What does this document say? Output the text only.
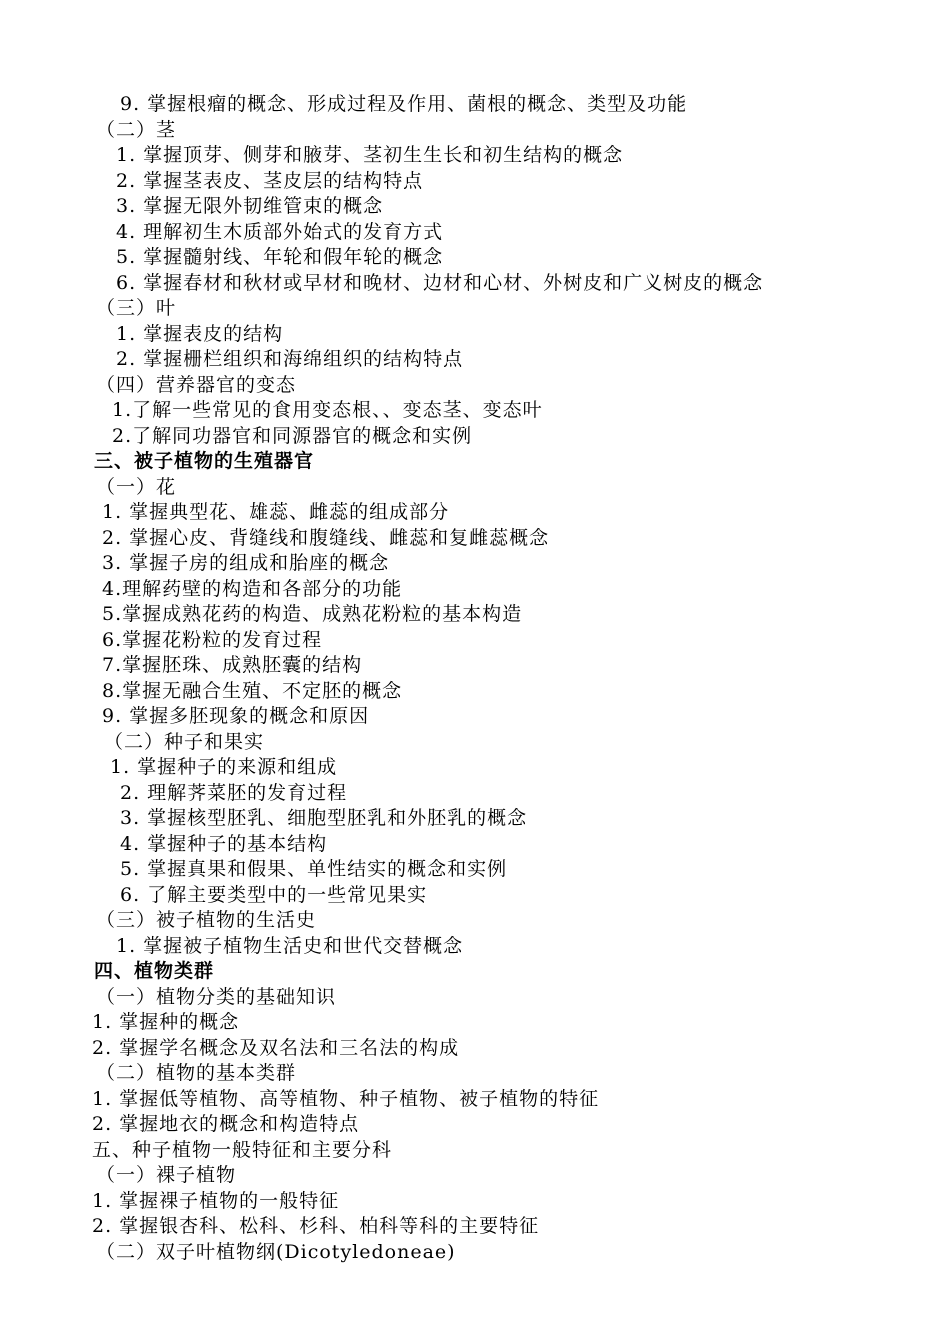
9. 掌握根瘤的概念、形成过程及作用、菌根的概念、类型及功能
（二）茎
1. 掌握顶芽、侧芽和腋芽、茎初生生长和初生结构的概念
2. 掌握茎表皮、茎皮层的结构特点
3. 掌握无限外韧维管束的概念
4. 理解初生木质部外始式的发育方式
5. 掌握髓射线、年轮和假年轮的概念
6. 掌握春材和秋材或早材和晚材、边材和心材、外树皮和广义树皮的概念
（三）叶
1. 掌握表皮的结构
2. 掌握栅栏组织和海绵组织的结构特点
（四）营养器官的变态
1.了解一些常见的食用变态根、、变态茎、变态叶
2.了解同功器官和同源器官的概念和实例
三、被子植物的生殖器官
（一）花
1. 掌握典型花、雄蕊、雌蕊的组成部分
2. 掌握心皮、背缝线和腹缝线、雌蕊和复雌蕊概念
3. 掌握子房的组成和胎座的概念
4.理解药壁的构造和各部分的功能
5.掌握成熟花药的构造、成熟花粉粒的基本构造
6.掌握花粉粒的发育过程
7.掌握胚珠、成熟胚囊的结构
8.掌握无融合生殖、不定胚的概念
9. 掌握多胚现象的概念和原因
（二）种子和果实
1. 掌握种子的来源和组成
2. 理解荠菜胚的发育过程
3. 掌握核型胚乳、细胞型胚乳和外胚乳的概念
4. 掌握种子的基本结构
5. 掌握真果和假果、单性结实的概念和实例
6. 了解主要类型中的一些常见果实
（三）被子植物的生活史
1. 掌握被子植物生活史和世代交替概念
四、植物类群
（一）植物分类的基础知识
1. 掌握种的概念
2. 掌握学名概念及双名法和三名法的构成
（二）植物的基本类群
1. 掌握低等植物、高等植物、种子植物、被子植物的特征
2. 掌握地衣的概念和构造特点
五、种子植物一般特征和主要分科
（一）裸子植物
1. 掌握裸子植物的一般特征
2. 掌握银杏科、松科、杉科、柏科等科的主要特征
（二）双子叶植物纲(Dicotyledoneae)
